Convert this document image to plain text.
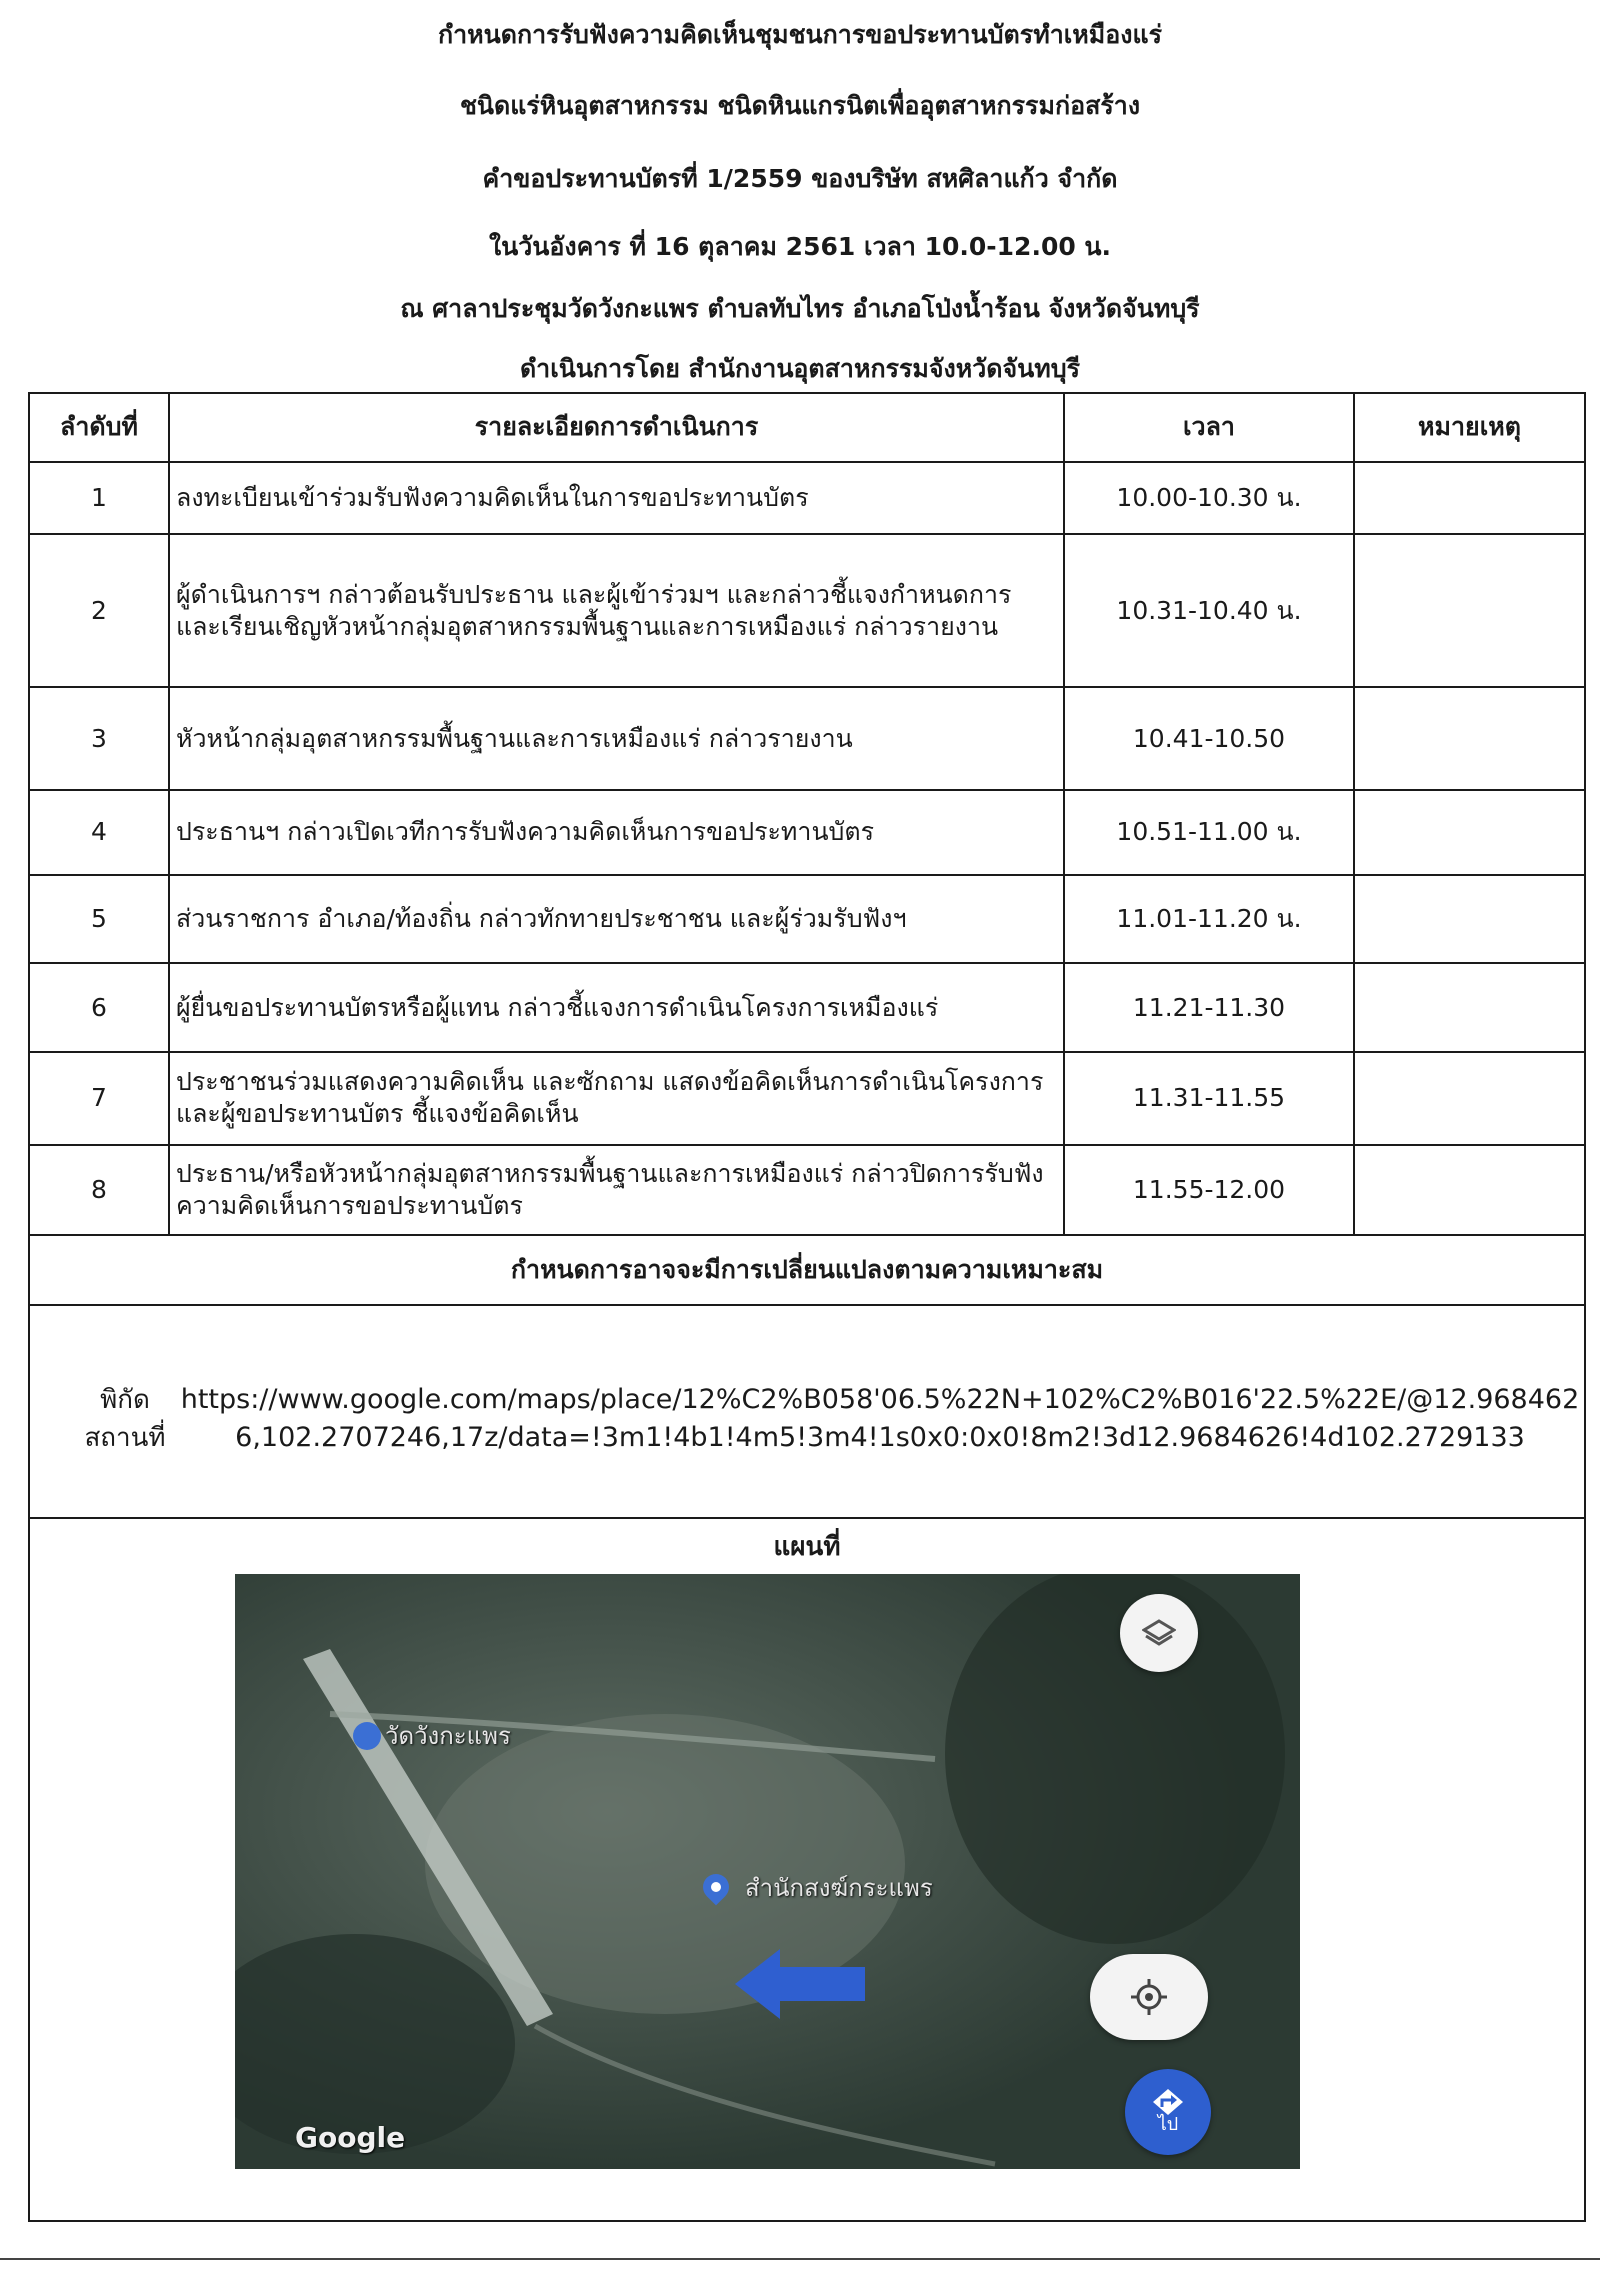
กำหนดการรับฟังความคิดเห็นชุมชนการขอประทานบัตรทำเหมืองแร่
ชนิดแร่หินอุตสาหกรรม ชนิดหินแกรนิตเพื่ออุตสาหกรรมก่อสร้าง
คำขอประทานบัตรที่ 1/2559 ของบริษัท สหศิลาแก้ว จำกัด
ในวันอังคาร ที่ 16 ตุลาคม 2561 เวลา 10.0-12.00 น.
ณ ศาลาประชุมวัดวังกะแพร ตำบลทับไทร อำเภอโป่งน้ำร้อน จังหวัดจันทบุรี
ดำเนินการโดย สำนักงานอุตสาหกรรมจังหวัดจันทบุรี
ลำดับที่	รายละเอียดการดำเนินการ	เวลา	หมายเหตุ
1	ลงทะเบียนเข้าร่วมรับฟังความคิดเห็นในการขอประทานบัตร	10.00-10.30 น.	
2	ผู้ดำเนินการฯ กล่าวต้อนรับประธาน และผู้เข้าร่วมฯ และกล่าวชี้แจงกำหนดการ และเรียนเชิญหัวหน้ากลุ่มอุตสาหกรรมพื้นฐานและการเหมืองแร่ กล่าวรายงาน	10.31-10.40 น.	
3	หัวหน้ากลุ่มอุตสาหกรรมพื้นฐานและการเหมืองแร่ กล่าวรายงาน	10.41-10.50	
4	ประธานฯ กล่าวเปิดเวทีการรับฟังความคิดเห็นการขอประทานบัตร	10.51-11.00 น.	
5	ส่วนราชการ อำเภอ/ท้องถิ่น กล่าวทักทายประชาชน และผู้ร่วมรับฟังฯ	11.01-11.20 น.	
6	ผู้ยื่นขอประทานบัตรหรือผู้แทน กล่าวชี้แจงการดำเนินโครงการเหมืองแร่	11.21-11.30	
7	ประชาชนร่วมแสดงความคิดเห็น และซักถาม แสดงข้อคิดเห็นการดำเนินโครงการ และผู้ขอประทานบัตร ชี้แจงข้อคิดเห็น	11.31-11.55	
8	ประธาน/หรือหัวหน้ากลุ่มอุตสาหกรรมพื้นฐานและการเหมืองแร่ กล่าวปิดการรับฟังความคิดเห็นการขอประทานบัตร	11.55-12.00	
กำหนดการอาจจะมีการเปลี่ยนแปลงตามความเหมาะสม			

พิกัด
สถานที่
https://www.google.com/maps/place/12%C2%B058'06.5%22N+102%C2%B016'22.5%22E/@12.9684626,102.2707246,17z/data=!3m1!4b1!4m5!3m4!1s0x0:0x0!8m2!3d12.9684626!4d102.2729133			

แผนที่
วัดวังกะแพร
สำนักสงฆ์กระแพร
ไป
Google			
